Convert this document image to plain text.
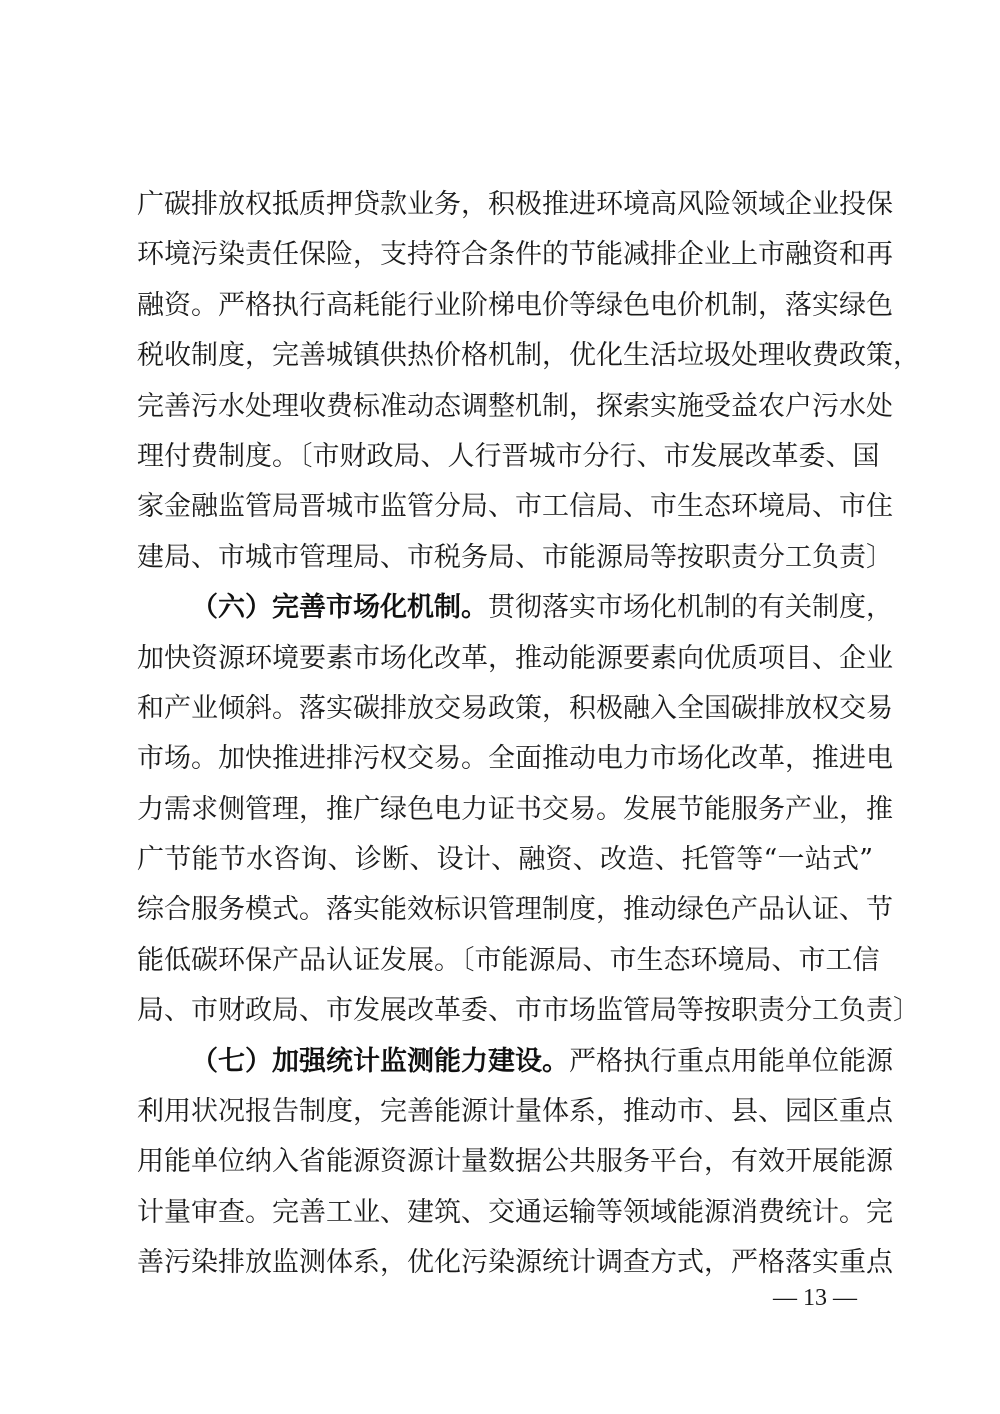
广碳排放权抵质押贷款业务，积极推进环境高风险领域企业投保
环境污染责任保险，支持符合条件的节能减排企业上市融资和再
融资。严格执行高耗能行业阶梯电价等绿色电价机制，落实绿色
税收制度，完善城镇供热价格机制，优化生活垃圾处理收费政策，
完善污水处理收费标准动态调整机制，探索实施受益农户污水处
理付费制度。〔市财政局、人行晋城市分行、市发展改革委、国
家金融监管局晋城市监管分局、市工信局、市生态环境局、市住
建局、市城市管理局、市税务局、市能源局等按职责分工负责〕
（六）完善市场化机制。贯彻落实市场化机制的有关制度，
加快资源环境要素市场化改革，推动能源要素向优质项目、企业
和产业倾斜。落实碳排放交易政策，积极融入全国碳排放权交易
市场。加快推进排污权交易。全面推动电力市场化改革，推进电
力需求侧管理，推广绿色电力证书交易。发展节能服务产业，推
广节能节水咨询、诊断、设计、融资、改造、托管等“一站式”
综合服务模式。落实能效标识管理制度，推动绿色产品认证、节
能低碳环保产品认证发展。〔市能源局、市生态环境局、市工信
局、市财政局、市发展改革委、市市场监管局等按职责分工负责〕
（七）加强统计监测能力建设。严格执行重点用能单位能源
利用状况报告制度，完善能源计量体系，推动市、县、园区重点
用能单位纳入省能源资源计量数据公共服务平台，有效开展能源
计量审查。完善工业、建筑、交通运输等领域能源消费统计。完
善污染排放监测体系，优化污染源统计调查方式，严格落实重点
— 13 —
